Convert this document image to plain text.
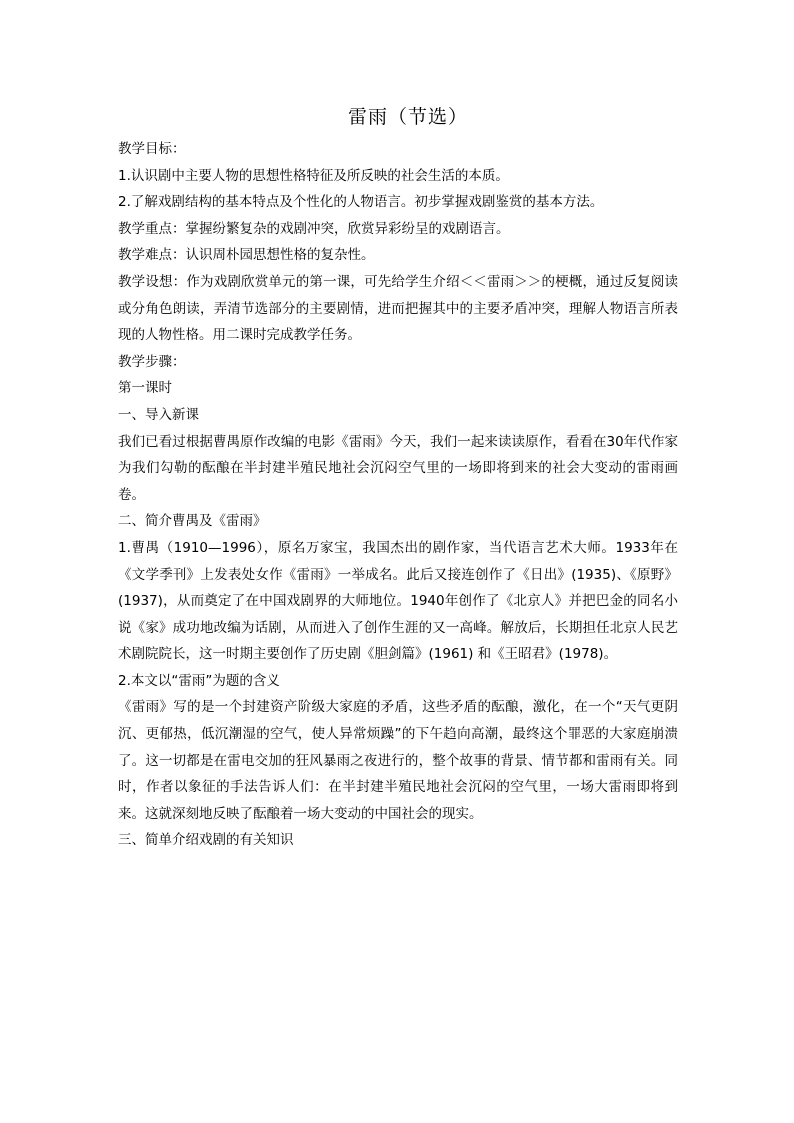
雷雨（节选）

教学目标：

1.认识剧中主要人物的思想性格特征及所反映的社会生活的本质。

2.了解戏剧结构的基本特点及个性化的人物语言。初步掌握戏剧鉴赏的基本方法。

教学重点：掌握纷繁复杂的戏剧冲突，欣赏异彩纷呈的戏剧语言。

教学难点：认识周朴园思想性格的复杂性。

教学设想：作为戏剧欣赏单元的第一课，可先给学生介绍＜＜雷雨＞＞的梗概，通过反复阅读或分角色朗读，弄清节选部分的主要剧情，进而把握其中的主要矛盾冲突，理解人物语言所表现的人物性格。用二课时完成教学任务。

教学步骤：

第一课时

一、导入新课

我们已看过根据曹禺原作改编的电影《雷雨》今天，我们一起来读读原作，看看在30年代作家为我们勾勒的酝酿在半封建半殖民地社会沉闷空气里的一场即将到来的社会大变动的雷雨画卷。

二、简介曹禺及《雷雨》

1.曹禺（1910—1996），原名万家宝，我国杰出的剧作家，当代语言艺术大师。1933年在《文学季刊》上发表处女作《雷雨》一举成名。此后又接连创作了《日出》(1935)、《原野》(1937)，从而奠定了在中国戏剧界的大师地位。1940年创作了《北京人》并把巴金的同名小说《家》成功地改编为话剧，从而进入了创作生涯的又一高峰。解放后，长期担任北京人民艺术剧院院长，这一时期主要创作了历史剧《胆剑篇》(1961) 和《王昭君》(1978)。

2.本文以“雷雨”为题的含义

《雷雨》写的是一个封建资产阶级大家庭的矛盾，这些矛盾的酝酿，激化，在一个“天气更阴沉、更郁热，低沉潮湿的空气，使人异常烦躁”的下午趋向高潮，最终这个罪恶的大家庭崩溃了。这一切都是在雷电交加的狂风暴雨之夜进行的，整个故事的背景、情节都和雷雨有关。同时，作者以象征的手法告诉人们：在半封建半殖民地社会沉闷的空气里，一场大雷雨即将到来。这就深刻地反映了酝酿着一场大变动的中国社会的现实。

三、简单介绍戏剧的有关知识
